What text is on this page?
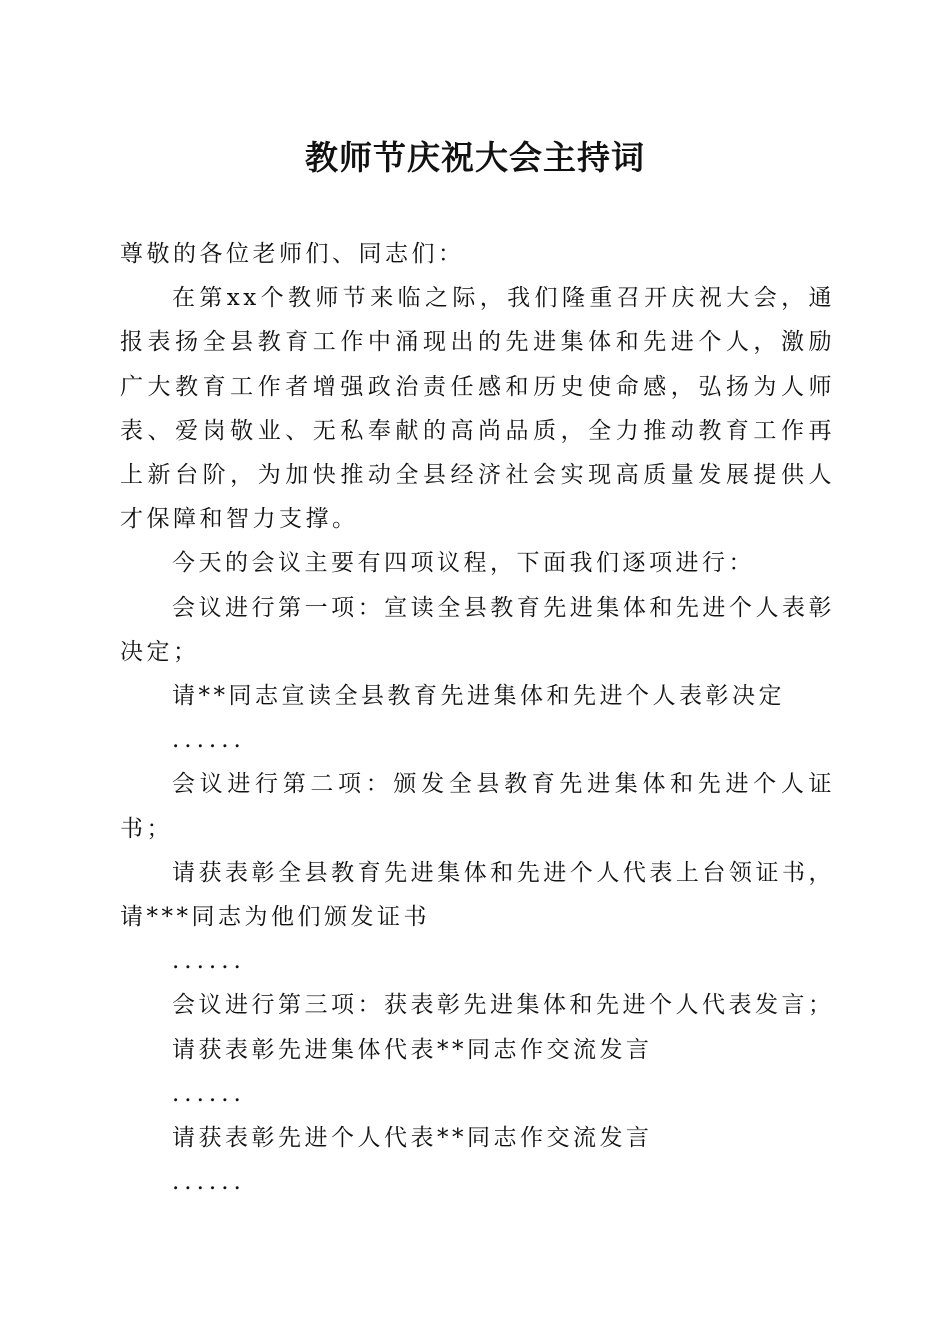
教师节庆祝大会主持词

尊敬的各位老师们、同志们：

在第xx个教师节来临之际，我们隆重召开庆祝大会，通报表扬全县教育工作中涌现出的先进集体和先进个人，激励广大教育工作者增强政治责任感和历史使命感，弘扬为人师表、爱岗敬业、无私奉献的高尚品质，全力推动教育工作再上新台阶，为加快推动全县经济社会实现高质量发展提供人才保障和智力支撑。

今天的会议主要有四项议程，下面我们逐项进行：

会议进行第一项：宣读全县教育先进集体和先进个人表彰决定；

请**同志宣读全县教育先进集体和先进个人表彰决定

......

会议进行第二项：颁发全县教育先进集体和先进个人证书；

请获表彰全县教育先进集体和先进个人代表上台领证书，请***同志为他们颁发证书

......

会议进行第三项：获表彰先进集体和先进个人代表发言；

请获表彰先进集体代表**同志作交流发言

......

请获表彰先进个人代表**同志作交流发言

......
